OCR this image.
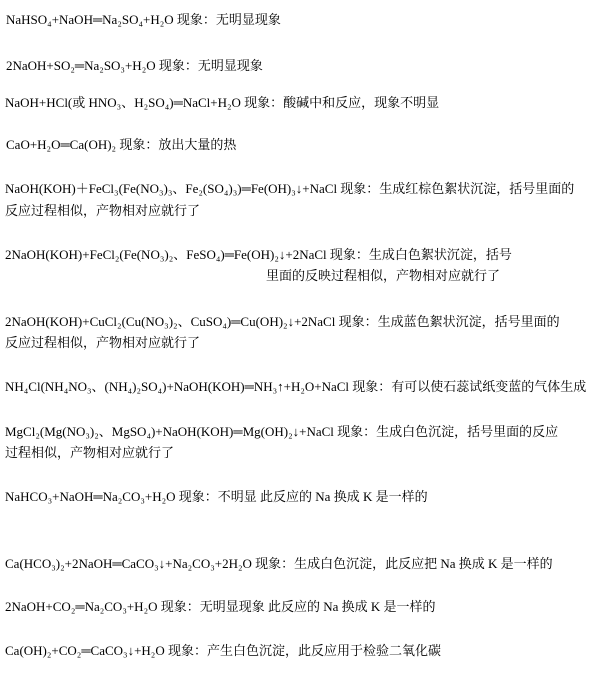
NaHSO₄+NaOH═Na₂SO₄+H₂O 现象：无明显现象
2NaOH+SO₂═Na₂SO₃+H₂O 现象：无明显现象
NaOH+HCl(或 HNO₃、H₂SO₄)═NaCl+H₂O 现象：酸碱中和反应，现象不明显
CaO+H₂O═Ca(OH)₂ 现象：放出大量的热
NaOH(KOH)＋FeCl₃(Fe(NO₃)₃、Fe₂(SO₄)₃)═Fe(OH)₃↓+NaCl 现象：生成红棕色絮状沉淀，括号里面的
反应过程相似，产物相对应就行了
2NaOH(KOH)+FeCl₂(Fe(NO₃)₂、FeSO₄)═Fe(OH)₂↓+2NaCl 现象：生成白色絮状沉淀，括号
里面的反映过程相似，产物相对应就行了
2NaOH(KOH)+CuCl₂(Cu(NO₃)₂、CuSO₄)═Cu(OH)₂↓+2NaCl 现象：生成蓝色絮状沉淀，括号里面的
反应过程相似，产物相对应就行了
NH₄Cl(NH₄NO₃、(NH₄)₂SO₄)+NaOH(KOH)═NH₃↑+H₂O+NaCl 现象：有可以使石蕊试纸变蓝的气体生成
MgCl₂(Mg(NO₃)₂、MgSO₄)+NaOH(KOH)═Mg(OH)₂↓+NaCl 现象：生成白色沉淀，括号里面的反应
过程相似，产物相对应就行了
NaHCO₃+NaOH═Na₂CO₃+H₂O 现象：不明显 此反应的 Na 换成 K 是一样的
Ca(HCO₃)₂+2NaOH═CaCO₃↓+Na₂CO₃+2H₂O 现象：生成白色沉淀，此反应把 Na 换成 K 是一样的
2NaOH+CO₂═Na₂CO₃+H₂O 现象：无明显现象 此反应的 Na 换成 K 是一样的
Ca(OH)₂+CO₂═CaCO₃↓+H₂O 现象：产生白色沉淀，此反应用于检验二氧化碳
